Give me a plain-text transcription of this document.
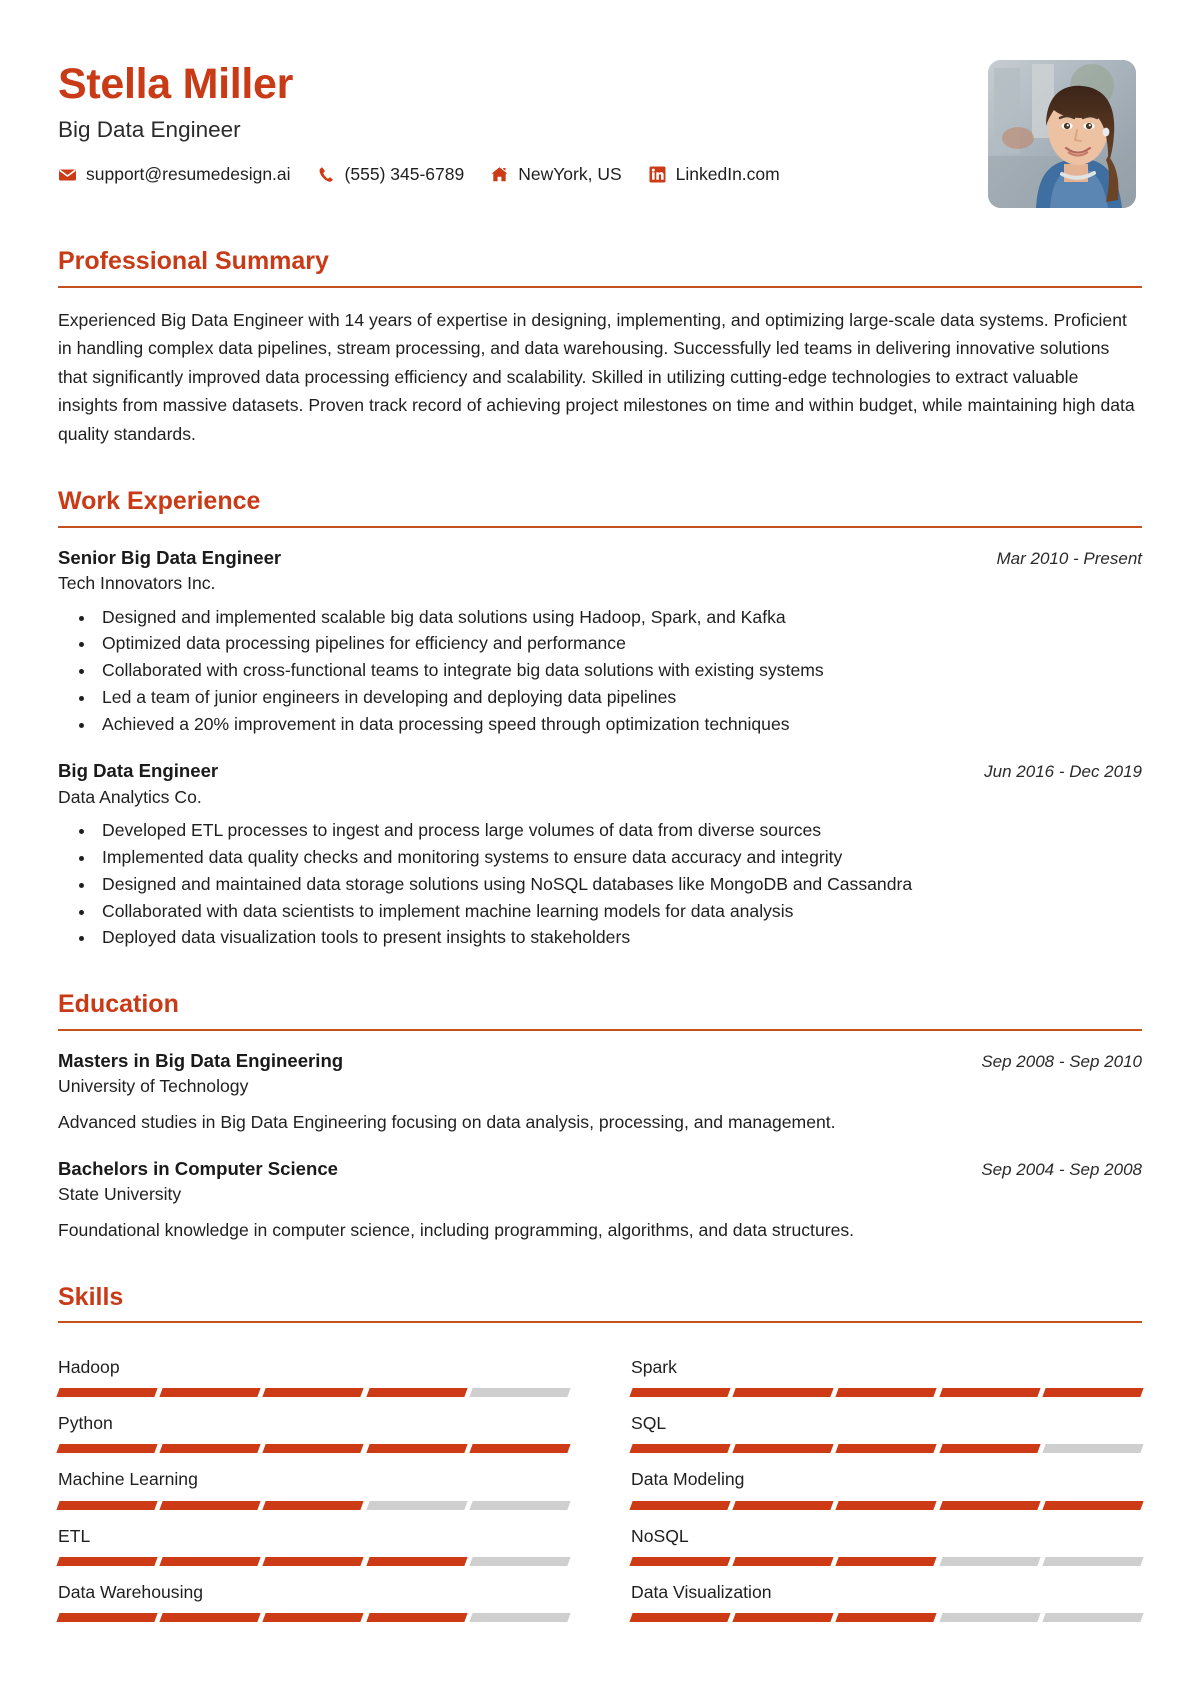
Stella Miller
Big Data Engineer
support@resumedesign.ai	(555) 345-6789	NewYork, US	LinkedIn.com
Professional Summary

Experienced Big Data Engineer with 14 years of expertise in designing, implementing, and optimizing large-scale data systems. Proficient in handling complex data pipelines, stream processing, and data warehousing. Successfully led teams in delivering innovative solutions that significantly improved data processing efficiency and scalability. Skilled in utilizing cutting-edge technologies to extract valuable insights from massive datasets. Proven track record of achieving project milestones on time and within budget, while maintaining high data quality standards.

Work Experience
Senior Big Data Engineer	Mar 2010 - Present
Tech Innovators Inc.
• Designed and implemented scalable big data solutions using Hadoop, Spark, and Kafka
• Optimized data processing pipelines for efficiency and performance
• Collaborated with cross-functional teams to integrate big data solutions with existing systems
• Led a team of junior engineers in developing and deploying data pipelines
• Achieved a 20% improvement in data processing speed through optimization techniques
Big Data Engineer	Jun 2016 - Dec 2019
Data Analytics Co.
• Developed ETL processes to ingest and process large volumes of data from diverse sources
• Implemented data quality checks and monitoring systems to ensure data accuracy and integrity
• Designed and maintained data storage solutions using NoSQL databases like MongoDB and Cassandra
• Collaborated with data scientists to implement machine learning models for data analysis
• Deployed data visualization tools to present insights to stakeholders
Education
Masters in Big Data Engineering	Sep 2008 - Sep 2010
University of Technology
Advanced studies in Big Data Engineering focusing on data analysis, processing, and management.
Bachelors in Computer Science	Sep 2004 - Sep 2008
State University
Foundational knowledge in computer science, including programming, algorithms, and data structures.
Skills
Hadoop	Spark
Python	SQL
Machine Learning	Data Modeling
ETL	NoSQL
Data Warehousing	Data Visualization
